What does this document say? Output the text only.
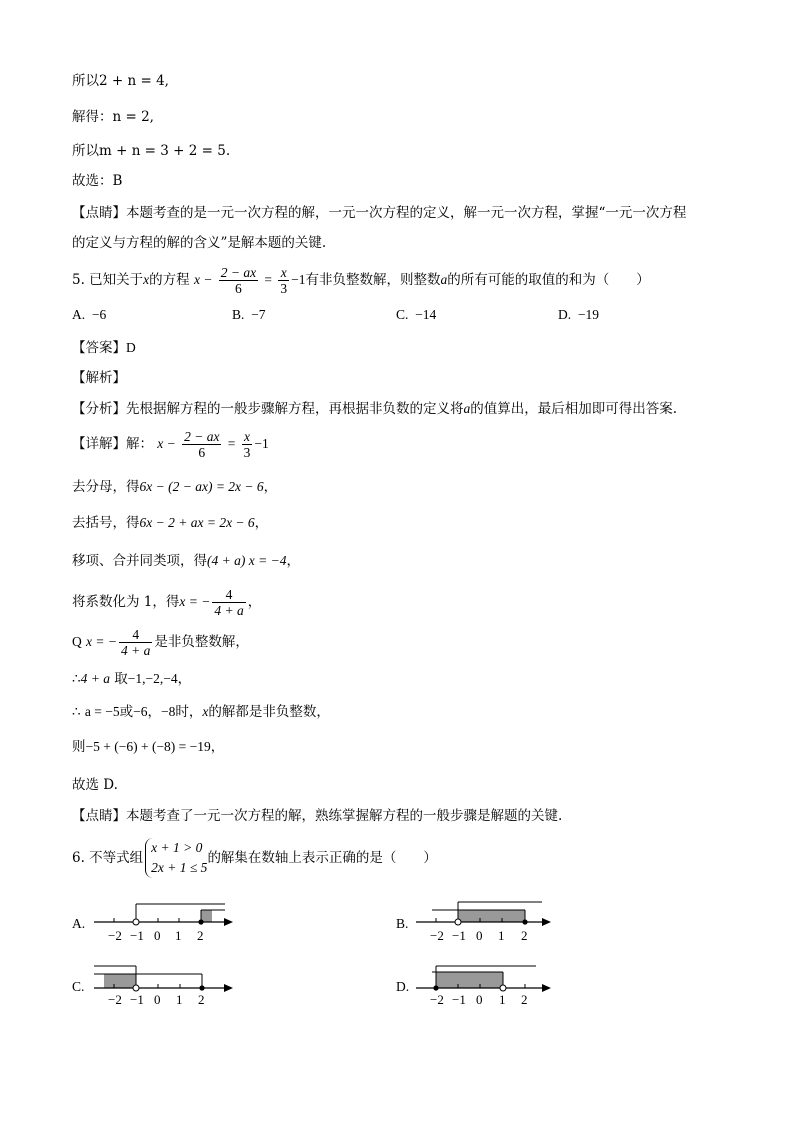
所以2 + n = 4,
解得：n = 2,
所以m + n = 3 + 2 = 5.
故选：B
【点睛】本题考查的是一元一次方程的解，一元一次方程的定义，解一元一次方程，掌握“一元一次方程
的定义与方程的解的含义”是解本题的关键.
5. 已知关于x的方程 $x - \frac{2 - ax}{6} = \frac{x}{3} -1$有非负整数解，则整数a的所有可能的取值的和为（　　）
A. −6	B. −7	C. −14	D. −19
【答案】D
【解析】
【分析】先根据解方程的一般步骤解方程，再根据非负数的定义将a的值算出，最后相加即可得出答案.
【详解】解： $x - \frac{2 - ax}{6} = \frac{x}{3} -1$
去分母，得6x − (2 − ax) = 2x − 6，
去括号，得6x − 2 + ax = 2x − 6，
移项、合并同类项，得(4 + a) x = −4，
将系数化为 1，得x = − $\frac{4}{4 + a}$ ，
Q x = − $\frac{4}{4 + a}$ 是非负整数解，
∴4 + a 取−1,−2,−4，
∴ a = −5或−6，−8时，x的解都是非负整数，
则−5 + (−6) + (−8) = −19，
故选 D.
【点睛】本题考查了一元一次方程的解，熟练掌握解方程的一般步骤是解题的关键.
6. 不等式组
x + 1 > 0
2x + 1 ≤ 5
的解集在数轴上表示正确的是（　　）
A.
−2 −1 0 1 2
B.
−2 −1 0 1 2
C.
−2 −1 0 1 2
D.
−2 −1 0 1 2
